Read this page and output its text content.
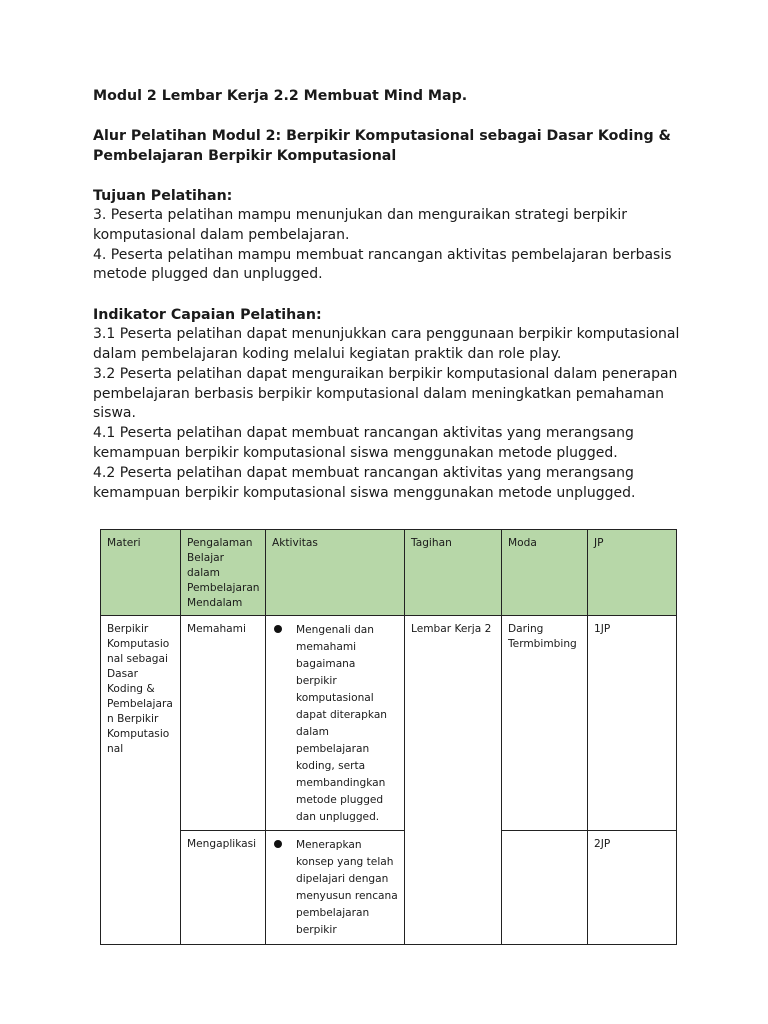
Modul 2 Lembar Kerja 2.2 Membuat Mind Map.

Alur Pelatihan Modul 2: Berpikir Komputasional sebagai Dasar Koding & Pembelajaran Berpikir Komputasional

Tujuan Pelatihan:

3. Peserta pelatihan mampu menunjukan dan menguraikan strategi berpikir komputasional dalam pembelajaran.

4. Peserta pelatihan mampu membuat rancangan aktivitas pembelajaran berbasis metode plugged dan unplugged.

Indikator Capaian Pelatihan:

3.1 Peserta pelatihan dapat menunjukkan cara penggunaan berpikir komputasional dalam pembelajaran koding melalui kegiatan praktik dan role play.

3.2 Peserta pelatihan dapat menguraikan berpikir komputasional dalam penerapan pembelajaran berbasis berpikir komputasional dalam meningkatkan pemahaman siswa.

4.1 Peserta pelatihan dapat membuat rancangan aktivitas yang merangsang kemampuan berpikir komputasional siswa menggunakan metode plugged.

4.2 Peserta pelatihan dapat membuat rancangan aktivitas yang merangsang kemampuan berpikir komputasional siswa menggunakan metode unplugged.

Materi	Pengalaman Belajar dalam Pembelajaran Mendalam	Aktivitas	Tagihan	Moda	JP
Berpikir Komputasio nal sebagai Dasar Koding & Pembelajara n Berpikir Komputasio nal	Memahami	Mengenali dan memahami bagaimana berpikir komputasional dapat diterapkan dalam pembelajaran koding, serta membandingkan metode plugged dan unplugged.	Lembar Kerja 2	Daring Termbimbing	1JP
	Mengaplikasi	Menerapkan konsep yang telah dipelajari dengan menyusun rencana pembelajaran berpikir			2JP
